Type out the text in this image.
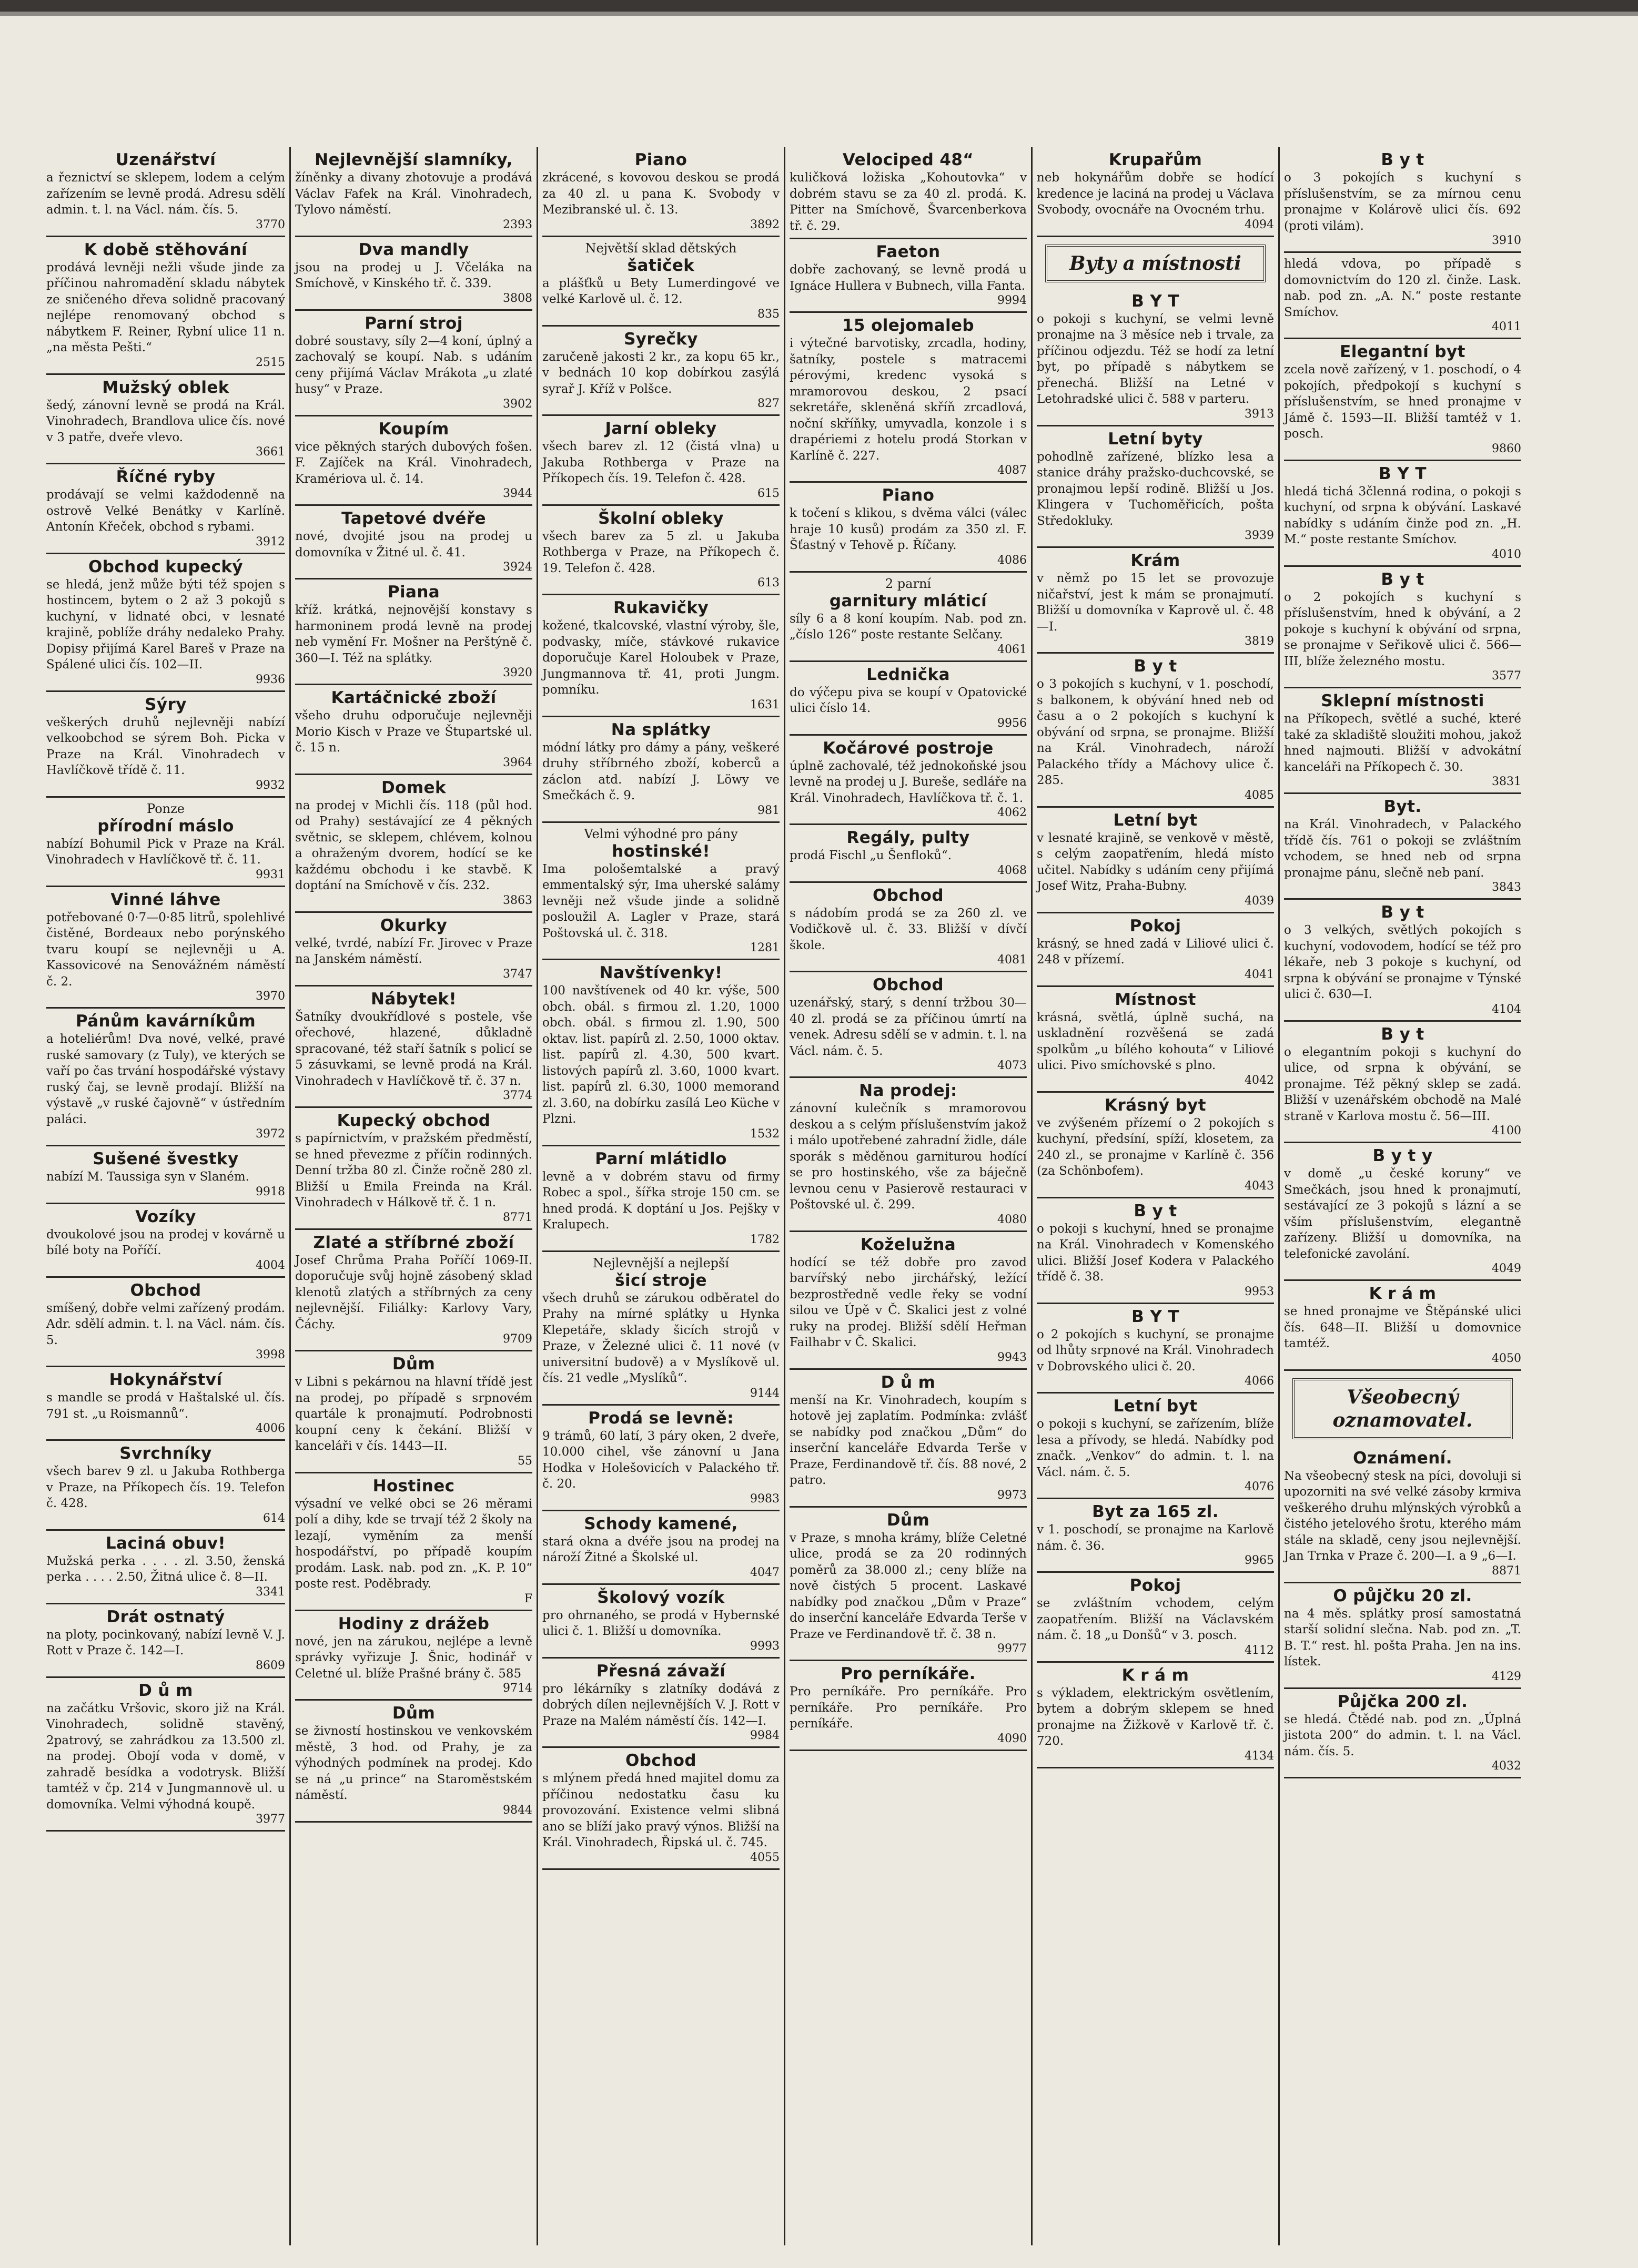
Uzenářství
a řeznictví se sklepem, lodem a celým zařízením se levně prodá. Adresu sdělí admin. t. l. na Václ. nám. čís. 5.
3770
K době stěhování
prodává levněji nežli všude jinde za příčinou nahromadění skladu nábytek ze sničeného dřeva solidně pracovaný nejlépe renomovaný obchod s nábytkem F. Reiner, Rybní ulice 11 n. „na města Pešti.“
2515
Mužský oblek
šedý, zánovní levně se prodá na Král. Vinohradech, Brandlova ulice čís. nové v 3 patře, dveře vlevo.
3661
Říčné ryby
prodávají se velmi každodenně na ostrově Velké Benátky v Karlíně. Antonín Křeček, obchod s rybami.
3912
Obchod kupecký
se hledá, jenž může býti též spojen s hostincem, bytem o 2 až 3 pokojů s kuchyní, v lidnaté obci, v lesnaté krajině, poblíže dráhy nedaleko Prahy. Dopisy přijímá Karel Bareš v Praze na Spálené ulici čís. 102—II.
9936
Sýry
veškerých druhů nejlevněji nabízí velkoobchod se sýrem Boh. Picka v Praze na Král. Vinohradech v Havlíčkově třídě č. 11.
9932
Ponze
přírodní máslo
nabízí Bohumil Pick v Praze na Král. Vinohradech v Havlíčkově tř. č. 11.
9931
Vinné láhve
potřebované 0·7—0·85 litrů, spolehlivé čistěné, Bordeaux nebo porýnského tvaru koupí se nejlevněji u A. Kassovicové na Senovážném náměstí č. 2.
3970
Pánům kavárníkům
a hoteliérům! Dva nové, velké, pravé ruské samovary (z Tuly), ve kterých se vaří po čas trvání hospodářské výstavy ruský čaj, se levně prodají. Bližší na výstavě „v ruské čajovně“ v ústředním paláci.
3972
Sušené švestky
nabízí M. Taussiga syn v Slaném.
9918
Vozíky
dvoukolové jsou na prodej v kovárně u bílé boty na Poříčí.
4004
Obchod
smíšený, dobře velmi zařízený prodám. Adr. sdělí admin. t. l. na Václ. nám. čís. 5.
3998
Hokynářství
s mandle se prodá v Haštalské ul. čís. 791 st. „u Roismannů“.
4006
Svrchníky
všech barev 9 zl. u Jakuba Rothberga v Praze, na Příkopech čís. 19. Telefon č. 428.
614
Laciná obuv!
Mužská perka . . . . zl. 3.50, ženská perka . . . . 2.50, Žitná ulice č. 8—II.
3341
Drát ostnatý
na ploty, pocinkovaný, nabízí levně V. J. Rott v Praze č. 142—I.
8609
D ů m
na začátku Vršovic, skoro již na Král. Vinohradech, solidně stavěný, 2patrový, se zahrádkou za 13.500 zl. na prodej. Obojí voda v domě, v zahradě besídka a vodotrysk. Bližší tamtéž v čp. 214 v Jungmannově ul. u domovníka. Velmi výhodná koupě.
3977
Nejlevnější slamníky,
žíněnky a divany zhotovuje a prodává Václav Fafek na Král. Vinohradech, Tylovo náměstí.
2393
Dva mandly
jsou na prodej u J. Včeláka na Smíchově, v Kinského tř. č. 339.
3808
Parní stroj
dobré soustavy, síly 2—4 koní, úplný a zachovalý se koupí. Nab. s udáním ceny přijímá Václav Mrákota „u zlaté husy“ v Praze.
3902
Koupím
vice pěkných starých dubových fošen. F. Zajíček na Král. Vinohradech, Kramériova ul. č. 14.
3944
Tapetové dvéře
nové, dvojité jsou na prodej u domovníka v Žitné ul. č. 41.
3924
Piana
kříž. krátká, nejnovější konstavy s harmoninem prodá levně na prodej neb vymění Fr. Mošner na Perštýně č. 360—I. Též na splátky.
3920
Kartáčnické zboží
všeho druhu odporučuje nejlevněji Morio Kisch v Praze ve Štupartské ul. č. 15 n.
3964
Domek
na prodej v Michli čís. 118 (půl hod. od Prahy) sestávající ze 4 pěkných světnic, se sklepem, chlévem, kolnou a ohraženým dvorem, hodící se ke každému obchodu i ke stavbě. K doptání na Smíchově v čís. 232.
3863
Okurky
velké, tvrdé, nabízí Fr. Jirovec v Praze na Janském náměstí.
3747
Nábytek!
Šatníky dvoukřídlové s postele, vše ořechové, hlazené, důkladně spracované, též staří šatník s policí se 5 zásuvkami, se levně prodá na Král. Vinohradech v Havlíčkově tř. č. 37 n.
3774
Kupecký obchod
s papírnictvím, v pražském předměstí, se hned převezme z příčin rodinných. Denní tržba 80 zl. Činže ročně 280 zl. Bližší u Emila Freinda na Král. Vinohradech v Hálkově tř. č. 1 n.
8771
Zlaté a stříbrné zboží
Josef Chrůma Praha Poříčí 1069-II. doporučuje svůj hojně zásobený sklad klenotů zlatých a stříbrných za ceny nejlevnější. Filiálky: Karlovy Vary, Čáchy.
9709
Dům
v Libni s pekárnou na hlavní třídě jest na prodej, po případě s srpnovém quartále k pronajmutí. Podrobnosti koupní ceny k čekání. Bližší v kanceláři v čís. 1443—II.
55
Hostinec
výsadní ve velké obci se 26 měrami polí a dihy, kde se trvají též 2 školy na lezají, vyměním za menší hospodářství, po případě koupím prodám. Lask. nab. pod zn. „K. P. 10“ poste rest. Poděbrady.
F
Hodiny z drážeb
nové, jen na zárukou, nejlépe a levně správky vyřizuje J. Šnic, hodinář v Celetné ul. blíže Prašné brány č. 585
9714
Dům
se živností hostinskou ve venkovském městě, 3 hod. od Prahy, je za výhodných podmínek na prodej. Kdo se ná „u prince“ na Staroměstském náměstí.
9844
Piano
zkrácené, s kovovou deskou se prodá za 40 zl. u pana K. Svobody v Mezibranské ul. č. 13.
3892
Největší sklad dětských
šatiček
a plášťků u Bety Lumerdingové ve velké Karlově ul. č. 12.
835
Syrečky
zaručeně jakosti 2 kr., za kopu 65 kr., v bednách 10 kop dobírkou zasýlá syrař J. Kříž v Polšce.
827
Jarní obleky
všech barev zl. 12 (čistá vlna) u Jakuba Rothberga v Praze na Příkopech čís. 19. Telefon č. 428.
615
Školní obleky
všech barev za 5 zl. u Jakuba Rothberga v Praze, na Příkopech č. 19. Telefon č. 428.
613
Rukavičky
kožené, tkalcovské, vlastní výroby, šle, podvasky, míče, stávkové rukavice doporučuje Karel Holoubek v Praze, Jungmannova tř. 41, proti Jungm. pomníku.
1631
Na splátky
módní látky pro dámy a pány, veškeré druhy stříbrného zboží, koberců a záclon atd. nabízí J. Löwy ve Smečkách č. 9.
981
Velmi výhodné pro pány
hostinské!
Ima pološemtalské a pravý emmentalský sýr, Ima uherské salámy levněji než všude jinde a solidně posloužil A. Lagler v Praze, stará Poštovská ul. č. 318.
1281
Navštívenky!
100 navštívenek od 40 kr. výše, 500 obch. obál. s firmou zl. 1.20, 1000 obch. obál. s firmou zl. 1.90, 500 oktav. list. papírů zl. 2.50, 1000 oktav. list. papírů zl. 4.30, 500 kvart. listových papírů zl. 3.60, 1000 kvart. list. papírů zl. 6.30, 1000 memorand zl. 3.60, na dobírku zasílá Leo Küche v Plzni.
1532
Parní mlátidlo
levně a v dobrém stavu od firmy Robec a spol., šířka stroje 150 cm. se hned prodá. K doptání u Jos. Pejšky v Kralupech.
1782
Nejlevnější a nejlepší
šicí stroje
všech druhů se zárukou odběratel do Prahy na mírné splátky u Hynka Klepetáře, sklady šicích strojů v Praze, v Železné ulici č. 11 nové (v universitní budově) a v Myslíkově ul. čís. 21 vedle „Myslíků“.
9144
Prodá se levně:
9 trámů, 60 latí, 3 páry oken, 2 dveře, 10.000 cihel, vše zánovní u Jana Hodka v Holešovicích v Palackého tř. č. 20.
9983
Schody kamené,
stará okna a dvéře jsou na prodej na nároží Žitné a Školské ul.
4047
Školový vozík
pro ohrnaného, se prodá v Hybernské ulici č. 1. Bližší u domovníka.
9993
Přesná závaží
pro lékárníky s zlatníky dodává z dobrých dílen nejlevnějších V. J. Rott v Praze na Malém náměstí čís. 142—I.
9984
Obchod
s mlýnem předá hned majitel domu za příčinou nedostatku času ku provozování. Existence velmi slibná ano se blíží jako pravý výnos. Bližší na Král. Vinohradech, Řipská ul. č. 745.
4055
Velociped 48“
kuličková ložiska „Kohoutovka“ v dobrém stavu se za 40 zl. prodá. K. Pitter na Smíchově, Švarcenberkova tř. č. 29.
Faeton
dobře zachovaný, se levně prodá u Ignáce Hullera v Bubnech, villa Fanta.
9994
15 olejomaleb
i výtečné barvotisky, zrcadla, hodiny, šatníky, postele s matracemi pérovými, kredenc vysoká s mramorovou deskou, 2 psací sekretáře, skleněná skříň zrcadlová, noční skříňky, umyvadla, konzole i s drapériemi z hotelu prodá Storkan v Karlíně č. 227.
4087
Piano
k točení s klikou, s dvěma válci (válec hraje 10 kusů) prodám za 350 zl. F. Šťastný v Tehově p. Říčany.
4086
2 parní
garnitury mláticí
síly 6 a 8 koní koupím. Nab. pod zn. „číslo 126“ poste restante Selčany.
4061
Lednička
do výčepu piva se koupí v Opatovické ulici číslo 14.
9956
Kočárové postroje
úplně zachovalé, též jednokoňské jsou levně na prodej u J. Bureše, sedláře na Král. Vinohradech, Havlíčkova tř. č. 1.
4062
Regály, pulty
prodá Fischl „u Šenfloků“.
4068
Obchod
s nádobím prodá se za 260 zl. ve Vodičkově ul. č. 33. Bližší v dívčí škole.
4081
Obchod
uzenářský, starý, s denní tržbou 30—40 zl. prodá se za příčinou úmrtí na venek. Adresu sdělí se v admin. t. l. na Václ. nám. č. 5.
4073
Na prodej:
zánovní kulečník s mramorovou deskou a s celým příslušenstvím jakož i málo upotřebené zahradní židle, dále sporák s měděnou garniturou hodící se pro hostinského, vše za báječně levnou cenu v Pasierově restauraci v Poštovské ul. č. 299.
4080
Koželužna
hodící se též dobře pro zavod barvířský nebo jirchářský, ležící bezprostředně vedle řeky se vodní silou ve Úpě v Č. Skalici jest z volné ruky na prodej. Bližší sdělí Heřman Failhabr v Č. Skalici.
9943
D ů m
menší na Kr. Vinohradech, koupím s hotově jej zaplatím. Podmínka: zvlášť se nabídky pod značkou „Dům“ do inserční kanceláře Edvarda Terše v Praze, Ferdinandově tř. čís. 88 nové, 2 patro.
9973
Dům
v Praze, s mnoha krámy, blíže Celetné ulice, prodá se za 20 rodinných poměrů za 38.000 zl.; ceny blíže na nově čistých 5 procent. Laskavé nabídky pod značkou „Dům v Praze“ do inserční kanceláře Edvarda Terše v Praze ve Ferdinandově tř. č. 38 n.
9977
Pro perníkáře.
Pro perníkáře. Pro perníkáře. Pro perníkáře. Pro perníkáře. Pro perníkáře.
4090
Krupařům
neb hokynářům dobře se hodící kredence je laciná na prodej u Václava Svobody, ovocnáře na Ovocném trhu.
4094
Byty a místnosti
B Y T
o pokoji s kuchyní, se velmi levně pronajme na 3 měsíce neb i trvale, za příčinou odjezdu. Též se hodí za letní byt, po případě s nábytkem se přenechá. Bližší na Letné v Letohradské ulici č. 588 v parteru.
3913
Letní byty
pohodlně zařízené, blízko lesa a stanice dráhy pražsko-duchcovské, se pronajmou lepší rodině. Bližší u Jos. Klingera v Tuchoměřicích, pošta Středokluky.
3939
Krám
v němž po 15 let se provozuje ničařství, jest k mám se pronajmutí. Bližší u domovníka v Kaprově ul. č. 48—I.
3819
B y t
o 3 pokojích s kuchyní, v 1. poschodí, s balkonem, k obývání hned neb od času a o 2 pokojích s kuchyní k obývání od srpna, se pronajme. Bližší na Král. Vinohradech, nároží Palackého třídy a Máchovy ulice č. 285.
4085
Letní byt
v lesnaté krajině, se venkově v městě, s celým zaopatřením, hledá místo učitel. Nabídky s udáním ceny přijímá Josef Witz, Praha-Bubny.
4039
Pokoj
krásný, se hned zadá v Liliové ulici č. 248 v přízemí.
4041
Místnost
krásná, světlá, úplně suchá, na uskladnění rozvěšená se zadá spolkům „u bílého kohouta“ v Liliové ulici. Pivo smíchovské s plno.
4042
Krásný byt
ve zvýšeném přízemí o 2 pokojích s kuchyní, předsíní, spíží, klosetem, za 240 zl., se pronajme v Karlíně č. 356 (za Schönbofem).
4043
B y t
o pokoji s kuchyní, hned se pronajme na Král. Vinohradech v Komenského ulici. Bližší Josef Kodera v Palackého třídě č. 38.
9953
B Y T
o 2 pokojích s kuchyní, se pronajme od lhůty srpnové na Král. Vinohradech v Dobrovského ulici č. 20.
4066
Letní byt
o pokoji s kuchyní, se zařízením, blíže lesa a přívody, se hledá. Nabídky pod značk. „Venkov“ do admin. t. l. na Václ. nám. č. 5.
4076
Byt za 165 zl.
v 1. poschodí, se pronajme na Karlově nám. č. 36.
9965
Pokoj
se zvláštním vchodem, celým zaopatřením. Bližší na Václavském nám. č. 18 „u Donšů“ v 3. posch.
4112
K r á m
s výkladem, elektrickým osvětlením, bytem a dobrým sklepem se hned pronajme na Žižkově v Karlově tř. č. 720.
4134
B y t
o 3 pokojích s kuchyní s příslušenstvím, se za mírnou cenu pronajme v Kolárově ulici čís. 692 (proti vilám).
3910
hledá vdova, po případě s domovnictvím do 120 zl. činže. Lask. nab. pod zn. „A. N.“ poste restante Smíchov.
4011
Elegantní byt
zcela nově zařízený, v 1. poschodí, o 4 pokojích, předpokojí s kuchyní s příslušenstvím, se hned pronajme v Jámě č. 1593—II. Bližší tamtéž v 1. posch.
9860
B Y T
hledá tichá 3členná rodina, o pokoji s kuchyní, od srpna k obývání. Laskavé nabídky s udáním činže pod zn. „H. M.“ poste restante Smíchov.
4010
B y t
o 2 pokojích s kuchyní s příslušenstvím, hned k obývání, a 2 pokoje s kuchyní k obývání od srpna, se pronajme v Seřikově ulici č. 566—III, blíže železného mostu.
3577
Sklepní místnosti
na Příkopech, světlé a suché, které také za skladiště sloužiti mohou, jakož hned najmouti. Bližší v advokátní kanceláři na Příkopech č. 30.
3831
Byt.
na Král. Vinohradech, v Palackého třídě čís. 761 o pokoji se zvláštním vchodem, se hned neb od srpna pronajme pánu, slečně neb paní.
3843
B y t
o 3 velkých, světlých pokojích s kuchyní, vodovodem, hodící se též pro lékaře, neb 3 pokoje s kuchyní, od srpna k obývání se pronajme v Týnské ulici č. 630—I.
4104
B y t
o elegantním pokoji s kuchyní do ulice, od srpna k obývání, se pronajme. Též pěkný sklep se zadá. Bližší v uzenářském obchodě na Malé straně v Karlova mostu č. 56—III.
4100
B y t y
v domě „u české koruny“ ve Smečkách, jsou hned k pronajmutí, sestávající ze 3 pokojů s lázní a se vším příslušenstvím, elegantně zařízeny. Bližší u domovníka, na telefonické zavolání.
4049
K r á m
se hned pronajme ve Štěpánské ulici čís. 648—II. Bližší u domovnice tamtéž.
4050
Všeobecný oznamovatel.
Oznámení.
Na všeobecný stesk na píci, dovoluji si upozorniti na své velké zásoby krmiva veškerého druhu mlýnských výrobků a čistého jetelového šrotu, kterého mám stále na skladě, ceny jsou nejlevnější. Jan Trnka v Praze č. 200—I. a 9 „6—I.
8871
O půjčku 20 zl.
na 4 měs. splátky prosí samostatná starší solidní slečna. Nab. pod zn. „T. B. T.“ rest. hl. pošta Praha. Jen na ins. lístek.
4129
Půjčka 200 zl.
se hledá. Čtědé nab. pod zn. „Úplná jistota 200“ do admin. t. l. na Václ. nám. čís. 5.
4032
